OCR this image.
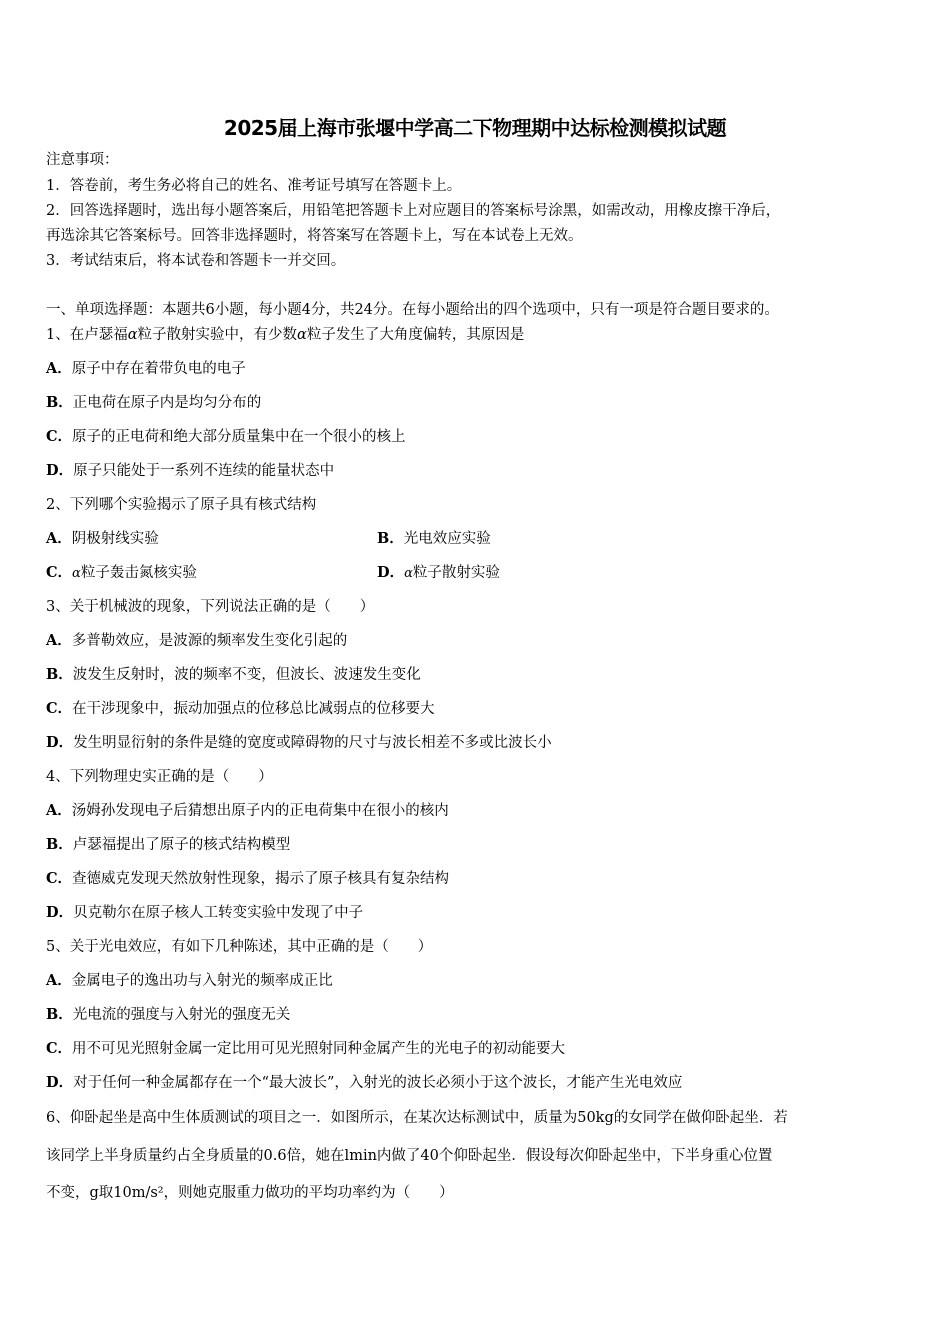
2025届上海市张堰中学高二下物理期中达标检测模拟试题
注意事项：
1．答卷前，考生务必将自己的姓名、准考证号填写在答题卡上。
2．回答选择题时，选出每小题答案后，用铅笔把答题卡上对应题目的答案标号涂黑，如需改动，用橡皮擦干净后，
再选涂其它答案标号。回答非选择题时，将答案写在答题卡上，写在本试卷上无效。
3．考试结束后，将本试卷和答题卡一并交回。
一、单项选择题：本题共6小题，每小题4分，共24分。在每小题给出的四个选项中，只有一项是符合题目要求的。
1、在卢瑟福α粒子散射实验中，有少数α粒子发生了大角度偏转，其原因是
A．原子中存在着带负电的电子
B．正电荷在原子内是均匀分布的
C．原子的正电荷和绝大部分质量集中在一个很小的核上
D．原子只能处于一系列不连续的能量状态中
2、下列哪个实验揭示了原子具有核式结构
A．阴极射线实验	B．光电效应实验
C．α粒子轰击氮核实验	D．α粒子散射实验
3、关于机械波的现象，下列说法正确的是（　　）
A．多普勒效应，是波源的频率发生变化引起的
B．波发生反射时，波的频率不变，但波长、波速发生变化
C．在干涉现象中，振动加强点的位移总比减弱点的位移要大
D．发生明显衍射的条件是缝的宽度或障碍物的尺寸与波长相差不多或比波长小
4、下列物理史实正确的是（　　）
A．汤姆孙发现电子后猜想出原子内的正电荷集中在很小的核内
B．卢瑟福提出了原子的核式结构模型
C．查德威克发现天然放射性现象，揭示了原子核具有复杂结构
D．贝克勒尔在原子核人工转变实验中发现了中子
5、关于光电效应，有如下几种陈述，其中正确的是（　　）
A．金属电子的逸出功与入射光的频率成正比
B．光电流的强度与入射光的强度无关
C．用不可见光照射金属一定比用可见光照射同种金属产生的光电子的初动能要大
D．对于任何一种金属都存在一个“最大波长”，入射光的波长必须小于这个波长，才能产生光电效应
6、仰卧起坐是高中生体质测试的项目之一．如图所示，在某次达标测试中，质量为50kg的女同学在做仰卧起坐．若
该同学上半身质量约占全身质量的0.6倍，她在lmin内做了40个仰卧起坐．假设每次仰卧起坐中，下半身重心位置
不变，g取10m/s²，则她克服重力做功的平均功率约为（　　）
